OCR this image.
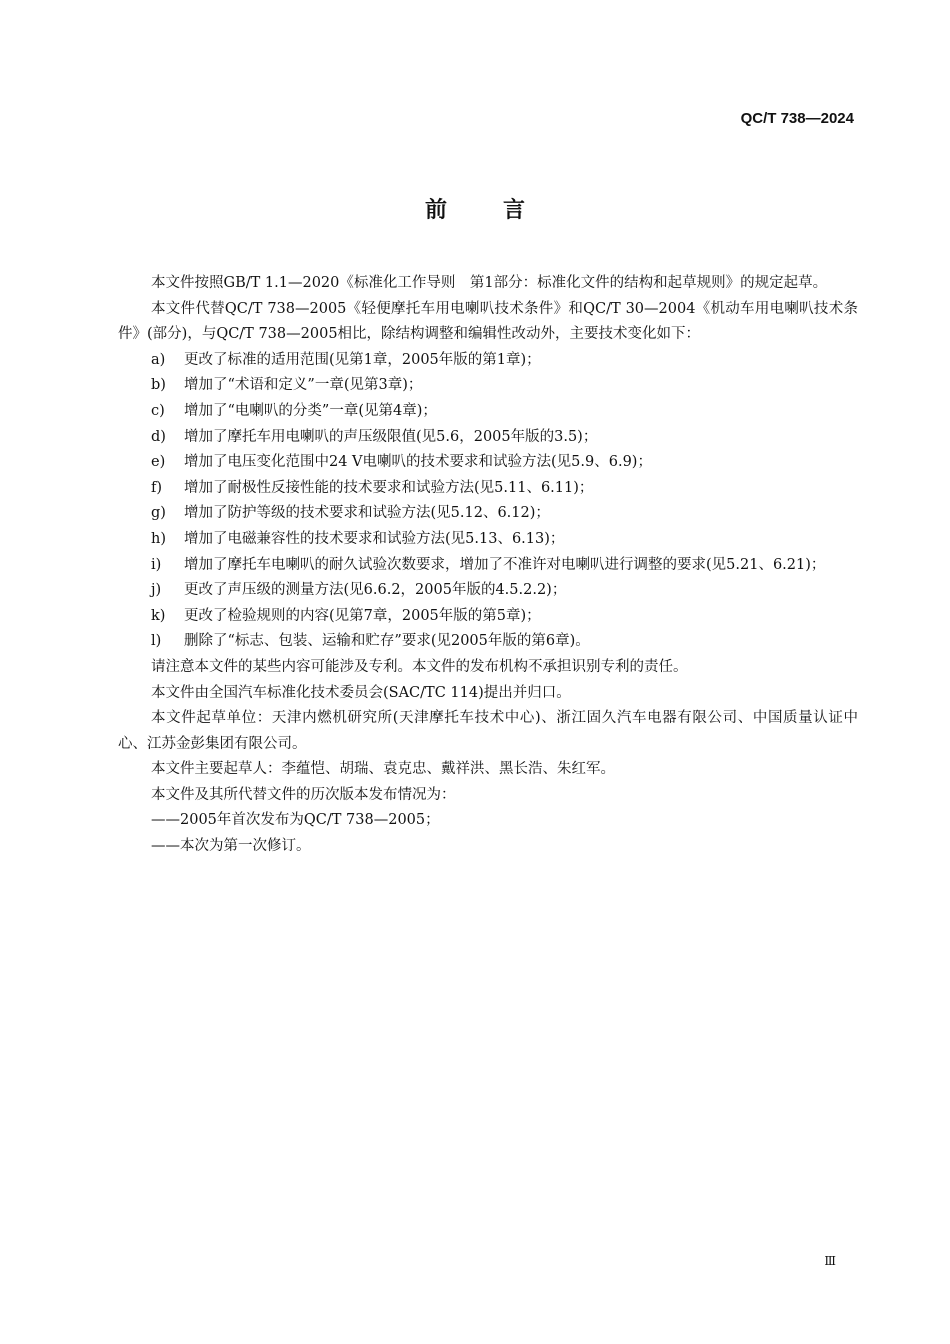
QC/T 738—2024
前言

本文件按照GB/T 1.1—2020《标准化工作导则　第1部分：标准化文件的结构和起草规则》的规定起草。

本文件代替QC/T 738—2005《轻便摩托车用电喇叭技术条件》和QC/T 30—2004《机动车用电喇叭技术条件》(部分)，与QC/T 738—2005相比，除结构调整和编辑性改动外，主要技术变化如下：

a) 更改了标准的适用范围(见第1章，2005年版的第1章)；

b) 增加了“术语和定义”一章(见第3章)；

c) 增加了“电喇叭的分类”一章(见第4章)；

d) 增加了摩托车用电喇叭的声压级限值(见5.6，2005年版的3.5)；

e) 增加了电压变化范围中24 V电喇叭的技术要求和试验方法(见5.9、6.9)；

f) 增加了耐极性反接性能的技术要求和试验方法(见5.11、6.11)；

g) 增加了防护等级的技术要求和试验方法(见5.12、6.12)；

h) 增加了电磁兼容性的技术要求和试验方法(见5.13、6.13)；

i) 增加了摩托车电喇叭的耐久试验次数要求，增加了不准许对电喇叭进行调整的要求(见5.21、6.21)；

j) 更改了声压级的测量方法(见6.6.2，2005年版的4.5.2.2)；

k) 更改了检验规则的内容(见第7章，2005年版的第5章)；

l) 删除了“标志、包装、运输和贮存”要求(见2005年版的第6章)。

请注意本文件的某些内容可能涉及专利。本文件的发布机构不承担识别专利的责任。

本文件由全国汽车标准化技术委员会(SAC/TC 114)提出并归口。

本文件起草单位：天津内燃机研究所(天津摩托车技术中心)、浙江固久汽车电器有限公司、中国质量认证中心、江苏金彭集团有限公司。

本文件主要起草人：李蕴恺、胡瑞、袁克忠、戴祥洪、黑长浩、朱红军。

本文件及其所代替文件的历次版本发布情况为：

——2005年首次发布为QC/T 738—2005；

——本次为第一次修订。

Ⅲ
